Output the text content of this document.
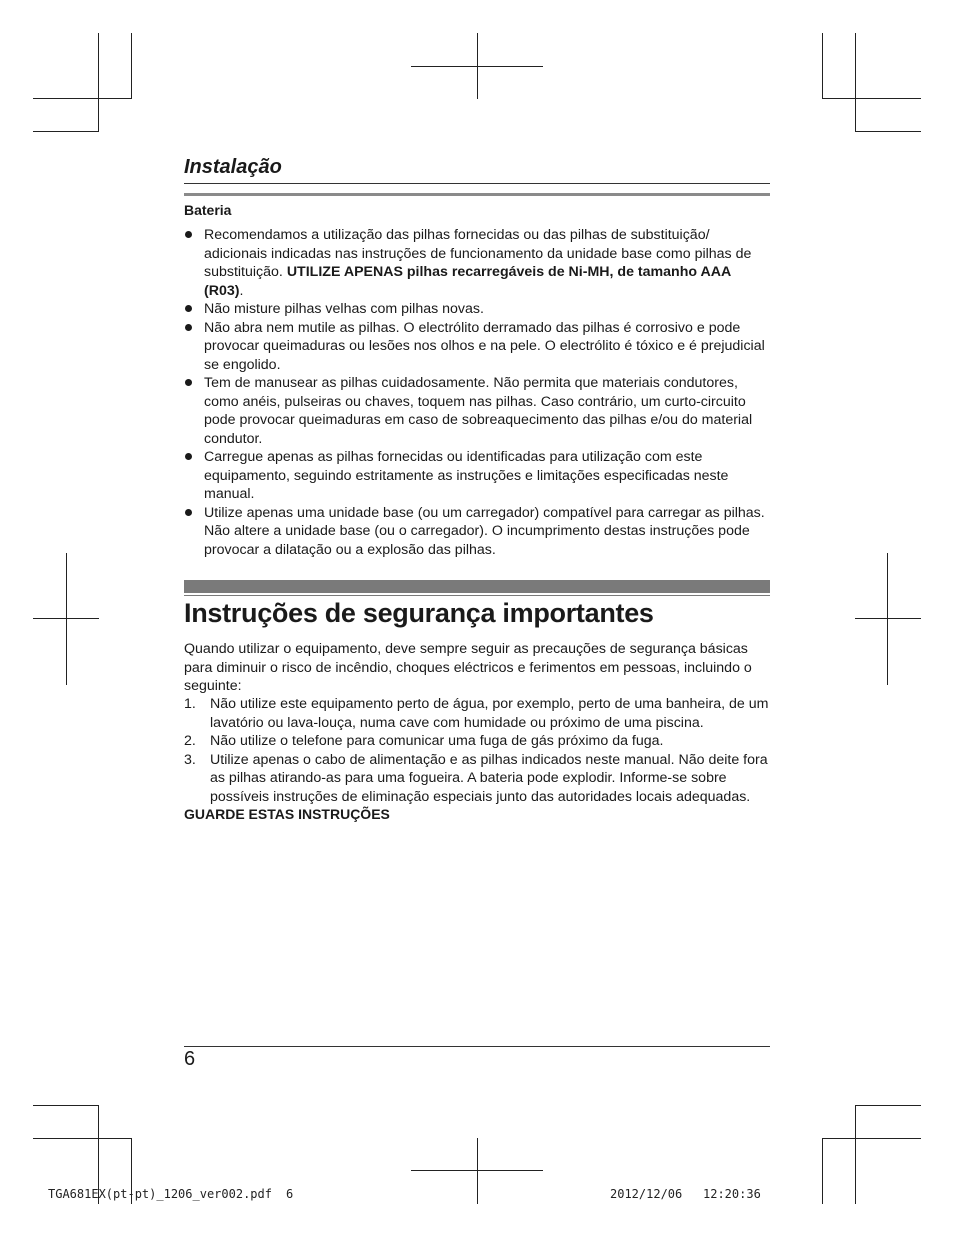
Instalação
Bateria
Recomendamos a utilização das pilhas fornecidas ou das pilhas de substituição/ adicionais indicadas nas instruções de funcionamento da unidade base como pilhas de substituição. UTILIZE APENAS pilhas recarregáveis de Ni-MH, de tamanho AAA (R03).
Não misture pilhas velhas com pilhas novas.
Não abra nem mutile as pilhas. O electrólito derramado das pilhas é corrosivo e pode provocar queimaduras ou lesões nos olhos e na pele. O electrólito é tóxico e é prejudicial se engolido.
Tem de manusear as pilhas cuidadosamente. Não permita que materiais condutores, como anéis, pulseiras ou chaves, toquem nas pilhas. Caso contrário, um curto-circuito pode provocar queimaduras em caso de sobreaquecimento das pilhas e/ou do material condutor.
Carregue apenas as pilhas fornecidas ou identificadas para utilização com este equipamento, seguindo estritamente as instruções e limitações especificadas neste manual.
Utilize apenas uma unidade base (ou um carregador) compatível para carregar as pilhas. Não altere a unidade base (ou o carregador). O incumprimento destas instruções pode provocar a dilatação ou a explosão das pilhas.
Instruções de segurança importantes

Quando utilizar o equipamento, deve sempre seguir as precauções de segurança básicas para diminuir o risco de incêndio, choques eléctricos e ferimentos em pessoas, incluindo o seguinte:

1. Não utilize este equipamento perto de água, por exemplo, perto de uma banheira, de um lavatório ou lava-louça, numa cave com humidade ou próximo de uma piscina.
2. Não utilize o telefone para comunicar uma fuga de gás próximo da fuga.
3. Utilize apenas o cabo de alimentação e as pilhas indicados neste manual. Não deite fora as pilhas atirando-as para uma fogueira. A bateria pode explodir. Informe-se sobre possíveis instruções de eliminação especiais junto das autoridades locais adequadas.
GUARDE ESTAS INSTRUÇÕES
6
TGA681EX(pt-pt)_1206_ver002.pdf 6	2012/12/06 12:20:36
